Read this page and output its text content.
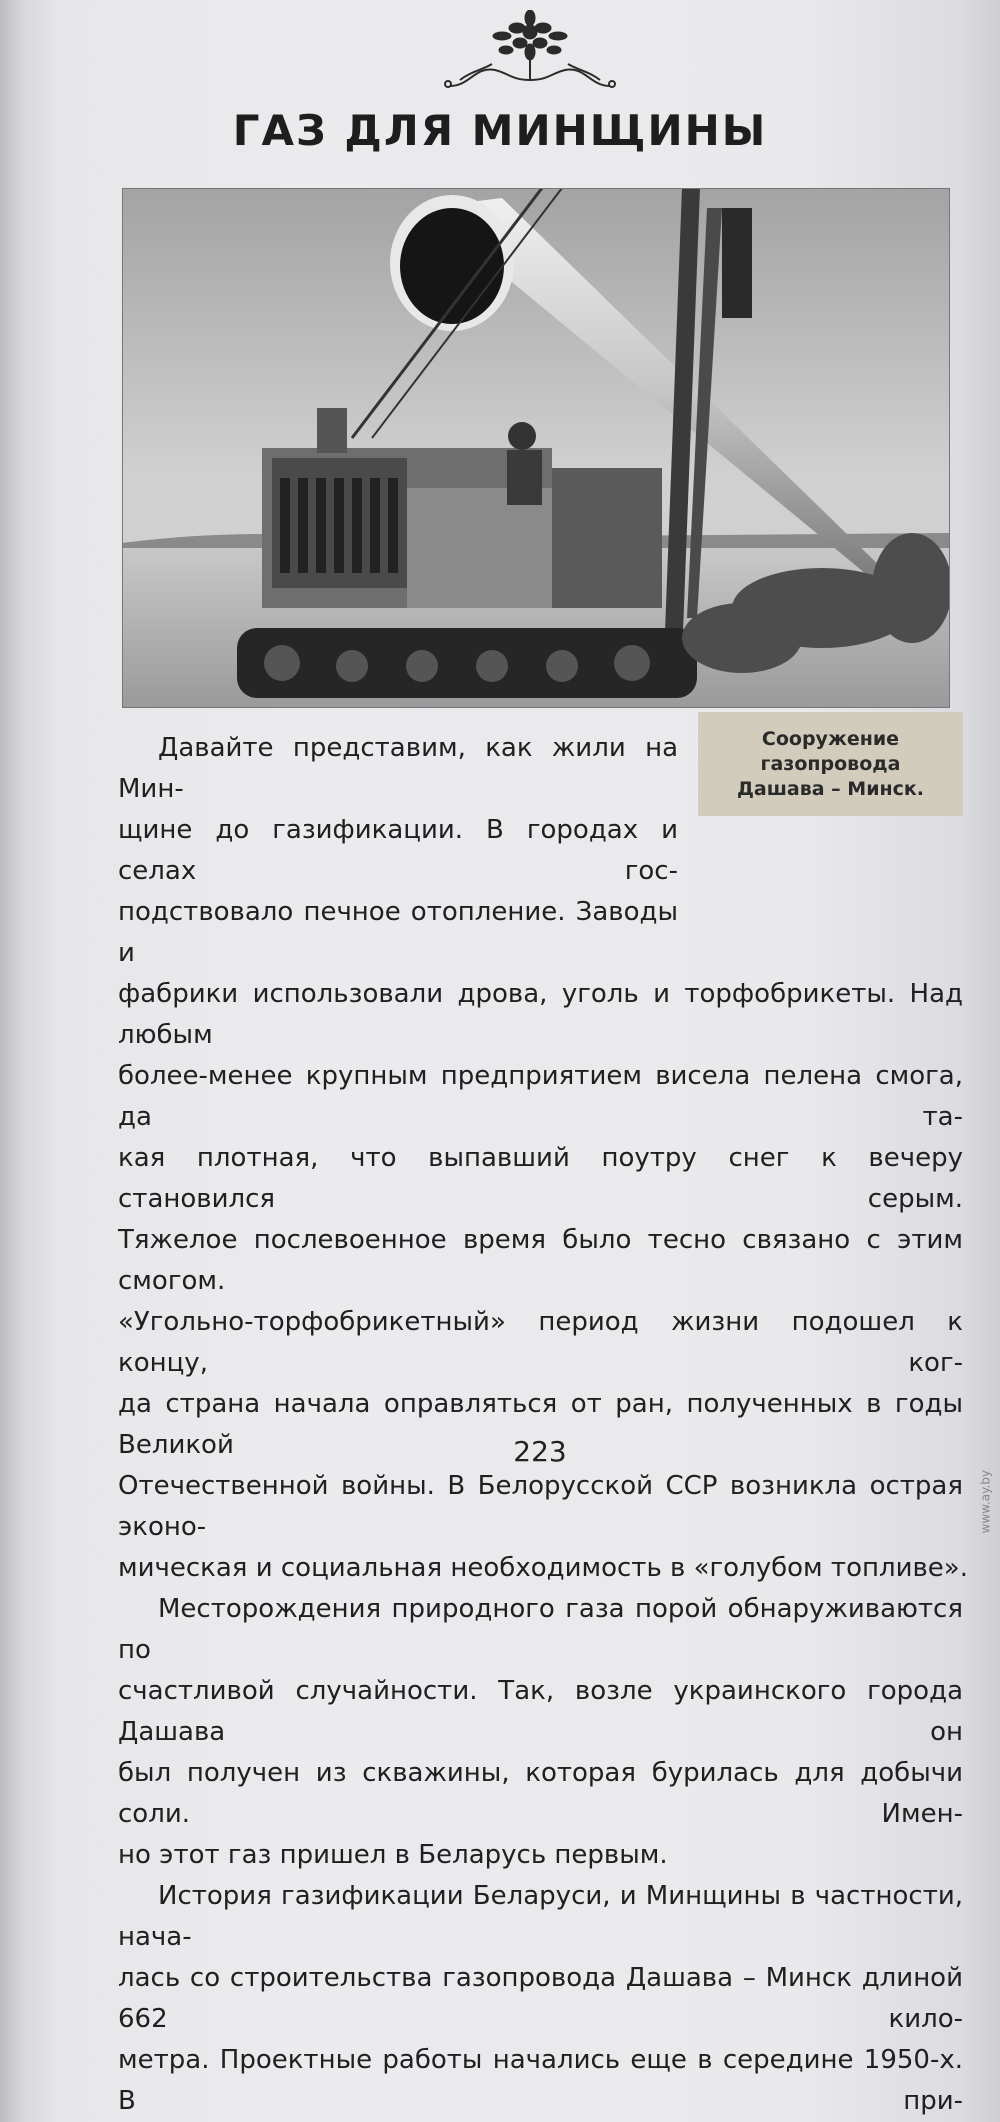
ГАЗ ДЛЯ МИНЩИНЫ
Сооружение
газопровода
Дашава – Минск.
Давайте представим, как жили на Мин-
щине до газификации. В городах и селах гос-
подствовало печное отопление. Заводы и
фабрики использовали дрова, уголь и торфобрикеты. Над любым
более-менее крупным предприятием висела пелена смога, да та-
кая плотная, что выпавший поутру снег к вечеру становился серым.
Тяжелое послевоенное время было тесно связано с этим смогом.
«Угольно-торфобрикетный» период жизни подошел к концу, ког-
да страна начала оправляться от ран, полученных в годы Великой
Отечественной войны. В Белорусской ССР возникла острая эконо-
мическая и социальная необходимость в «голубом топливе».
Месторождения природного газа порой обнаруживаются по
счастливой случайности. Так, возле украинского города Дашава он
был получен из скважины, которая бурилась для добычи соли. Имен-
но этот газ пришел в Беларусь первым.
История газификации Беларуси, и Минщины в частности, нача-
лась со строительства газопровода Дашава – Минск длиной 662 кило-
метра. Проектные работы начались еще в середине 1950-х. В при-
223
www.ay.by
